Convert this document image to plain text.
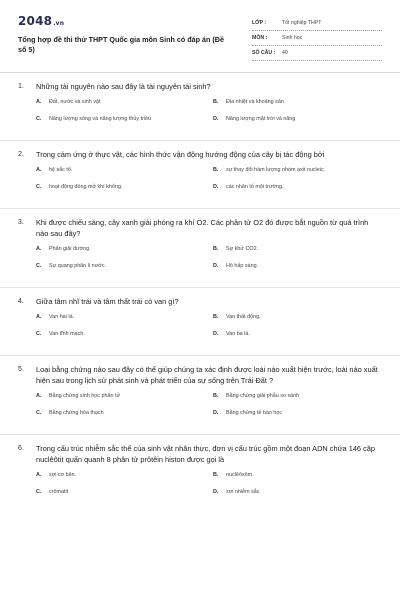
2048.vn
Tổng hợp đề thi thử THPT Quốc gia môn Sinh có đáp án (Đề số 5)
LỚP :	Tốt nghiệp THPT
MÔN :	Sinh học
SỐ CÂU :	40
1.	Những tài nguyên nào sau đây là tài nguyên tái sinh?
A.	Đất, nước và sinh vật	B.	Địa nhiệt và khoáng sản
C.	Năng lượng sóng và năng lượng thủy triều	D.	Năng lượng mặt trời và năng
2.	Trong cảm ứng ở thực vật, các hình thức vận động hướng động của cây bị tác động bởi
A.	hệ sắc tố.	B.	sự thay đổi hàm lượng nhóm axit nucleic.
C.	hoạt động đóng mở khí khổng.	D.	các nhân tố môi trường.
3.	Khi được chiếu sáng, cây xanh giải phóng ra khí O2. Các phân tử O2 đó được bắt nguồn từ quá trình nào sau đây?
A.	Phân giải đường.	B.	Sự khử CO2.
C.	Sự quang phân li nước.	D.	Hô hấp sáng.
4.	Giữa tâm nhĩ trái và tâm thất trái có van gì?
A.	Van hai lá.	B.	Van thất động.
C.	Van tĩnh mạch.	D.	Van ba lá.
5.	Loại bằng chứng nào sau đây có thể giúp chúng ta xác định được loài nào xuất hiện trước, loài nào xuất hiện sau trong lịch sử phát sinh và phát triển của sự sống trên Trái Đất ?
A.	Bằng chứng sinh học phân tử	B.	Bằng chứng giải phẫu so sánh
C.	Bằng chứng hóa thạch	D.	Bằng chứng tế bào học
6.	Trong cấu trúc nhiễm sắc thể của sinh vật nhân thực, đơn vị cấu trúc gồm một đoạn ADN chứa 146 cặp nuclêôtit quấn quanh 8 phân tử prôtêin histon được gọi là
A.	sợi cơ bản.	B.	nuclêôxôm.
C.	crômatit	D.	sợi nhiễm sắc
